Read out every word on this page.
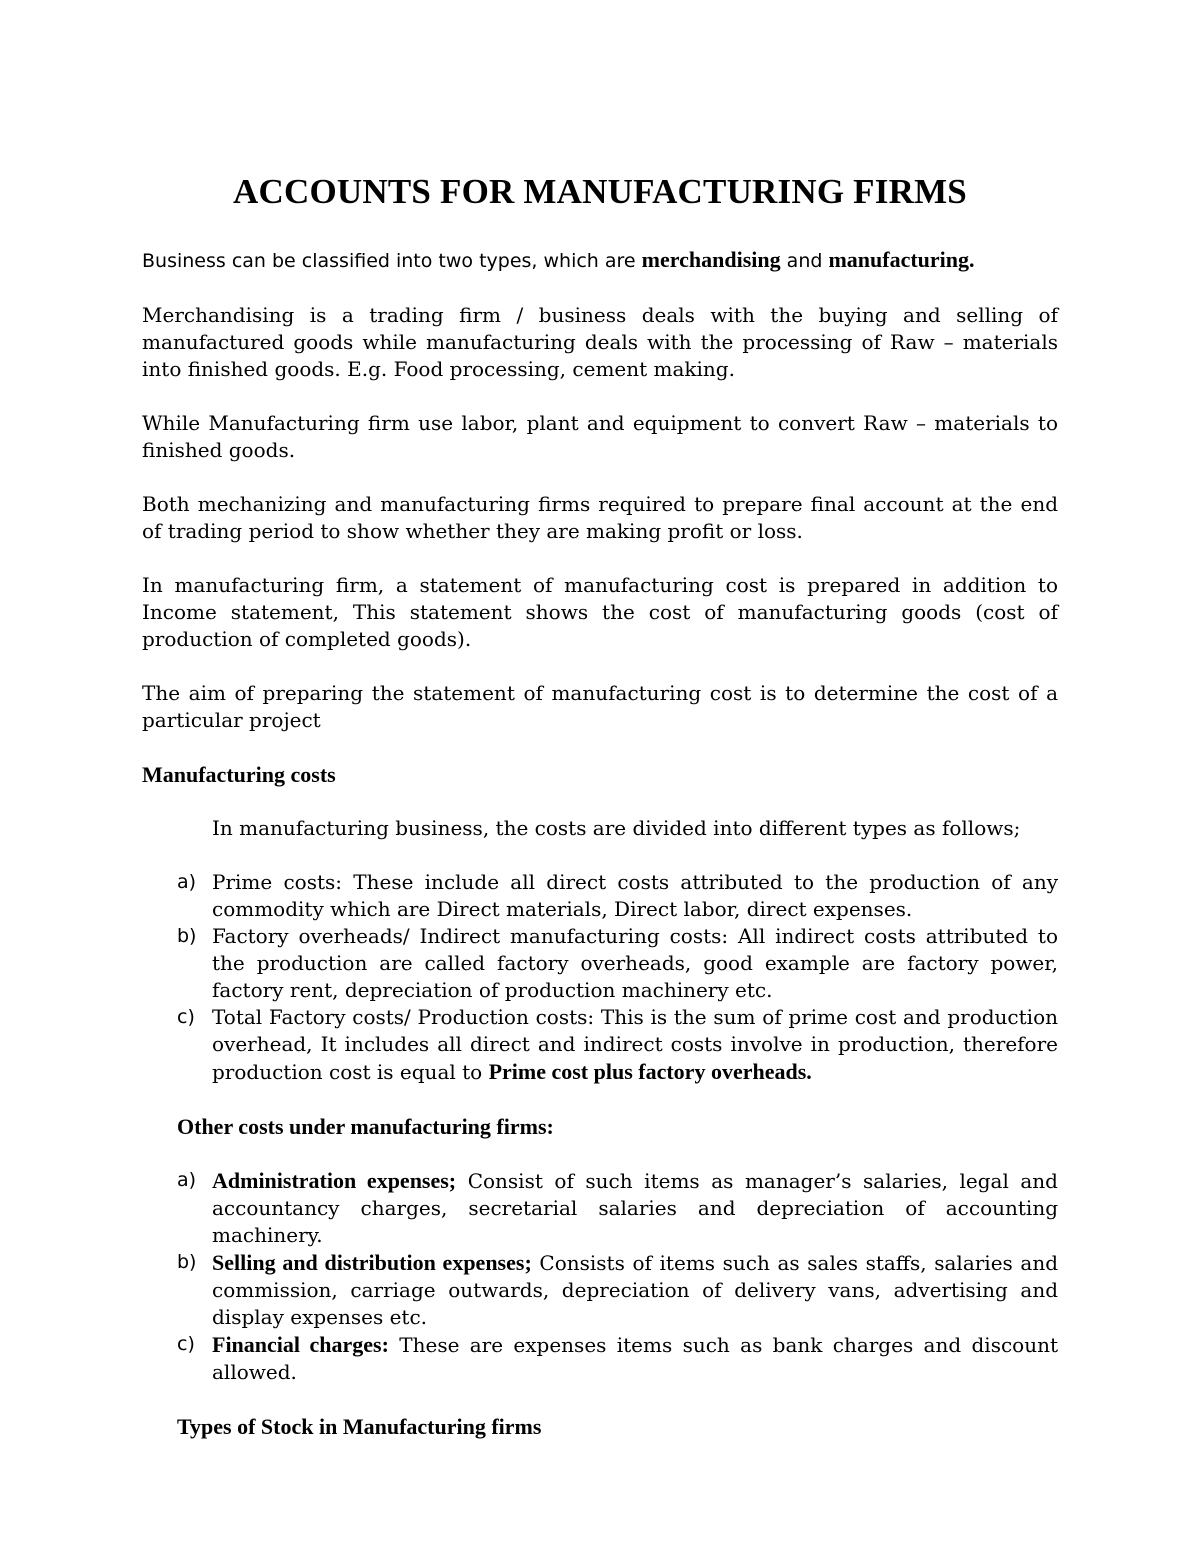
ACCOUNTS FOR MANUFACTURING FIRMS

Business can be classified into two types, which are merchandising and manufacturing.

Merchandising is a trading firm / business deals with the buying and selling of manufactured goods while manufacturing deals with the processing of Raw – materials into finished goods. E.g. Food processing, cement making.

While Manufacturing firm use labor, plant and equipment to convert Raw – materials to finished goods.

Both mechanizing and manufacturing firms required to prepare final account at the end of trading period to show whether they are making profit or loss.

In manufacturing firm, a statement of manufacturing cost is prepared in addition to Income statement, This statement shows the cost of manufacturing goods (cost of production of completed goods).

The aim of preparing the statement of manufacturing cost is to determine the cost of a particular project

Manufacturing costs
In manufacturing business, the costs are divided into different types as follows;
a) Prime costs: These include all direct costs attributed to the production of any commodity which are Direct materials, Direct labor, direct expenses.
b) Factory overheads/ Indirect manufacturing costs: All indirect costs attributed to the production are called factory overheads, good example are factory power, factory rent, depreciation of production machinery etc.
c) Total Factory costs/ Production costs: This is the sum of prime cost and production overhead, It includes all direct and indirect costs involve in production, therefore production cost is equal to Prime cost plus factory overheads.
Other costs under manufacturing firms:
a) Administration expenses; Consist of such items as manager’s salaries, legal and accountancy charges, secretarial salaries and depreciation of accounting machinery.
b) Selling and distribution expenses; Consists of items such as sales staffs, salaries and commission, carriage outwards, depreciation of delivery vans, advertising and display expenses etc.
c) Financial charges: These are expenses items such as bank charges and discount allowed.
Types of Stock in Manufacturing firms
